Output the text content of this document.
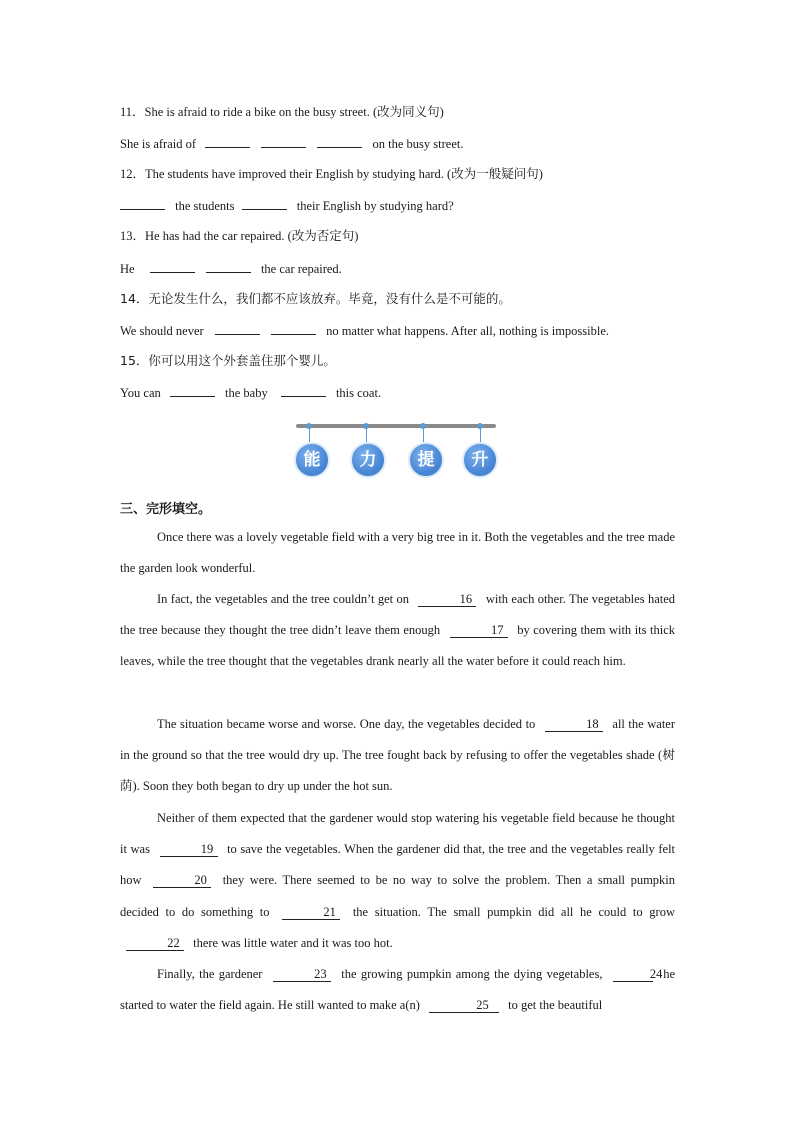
11．She is afraid to ride a bike on the busy street. (改为同义句)
She is afraid of	on the busy street.
12．The students have improved their English by studying hard. (改为一般疑问句)
the students	their English by studying hard?
13．He has had the car repaired. (改为否定句)
He	the car repaired.
14．无论发生什么，我们都不应该放弃。毕竟，没有什么是不可能的。
We should never	no matter what happens. After all, nothing is impossible.
15．你可以用这个外套盖住那个婴儿。
You can	the baby	this coat.
能	力	提	升
三、完形填空。

Once there was a lovely vegetable field with a very big tree in it. Both the vegetables and the tree made the garden look wonderful.

In fact, the vegetables and the tree couldn’t get on	16 with each other. The vegetables hated the tree because they thought the tree didn’t leave them enough	17 by covering them with its thick leaves, while the tree thought that the vegetables drank nearly all the water before it could reach him.

The situation became worse and worse. One day, the vegetables decided to	18 all the water in the ground so that the tree would dry up. The tree fought back by refusing to offer the vegetables shade (树荫). Soon they both began to dry up under the hot sun.

Neither of them expected that the gardener would stop watering his vegetable field because he thought it was	19 to save the vegetables. When the gardener did that, the tree and the vegetables really felt how	20 they were. There seemed to be no way to solve the problem. Then a small pumpkin decided to do something to	21 the situation. The small pumpkin did all he could to grow 22 there was little water and it was too hot.

Finally, the gardener	23 the growing pumpkin among the dying vegetables,	24 he started to water the field again. He still wanted to make a(n)	25 to get the beautiful
